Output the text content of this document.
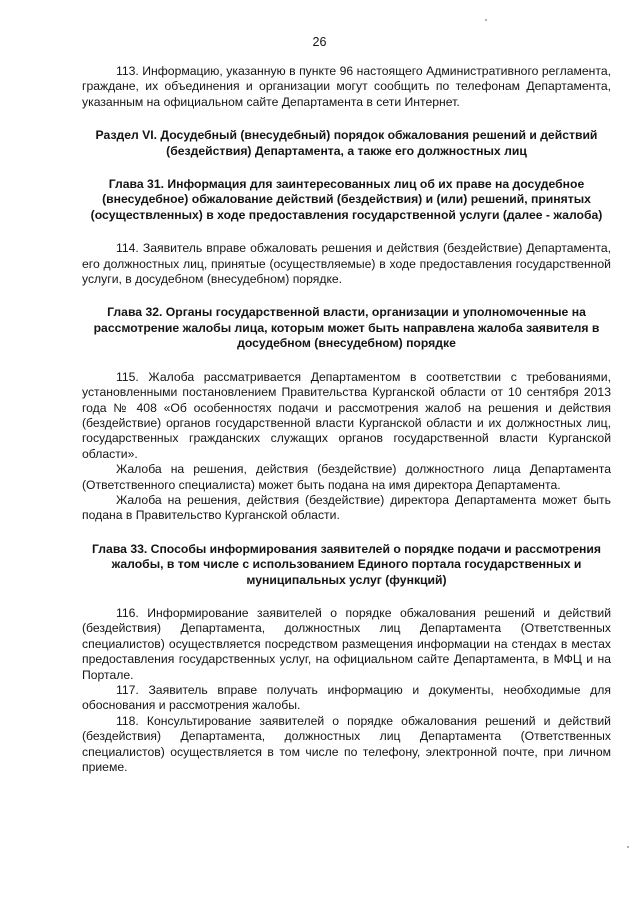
26

113. Информацию, указанную в пункте 96 настоящего Административного регламента, граждане, их объединения и организации могут сообщить по телефонам Департамента, указанным на официальном сайте Департамента в сети Интернет.

Раздел VI. Досудебный (внесудебный) порядок обжалования решений и действий (бездействия) Департамента, а также его должностных лиц

Глава 31. Информация для заинтересованных лиц об их праве на досудебное (внесудебное) обжалование действий (бездействия) и (или) решений, принятых (осуществленных) в ходе предоставления государственной услуги (далее - жалоба)

114. Заявитель вправе обжаловать решения и действия (бездействие) Департамента, его должностных лиц, принятые (осуществляемые) в ходе предоставления государственной услуги, в досудебном (внесудебном) порядке.

Глава 32. Органы государственной власти, организации и уполномоченные на рассмотрение жалобы лица, которым может быть направлена жалоба заявителя в досудебном (внесудебном) порядке

115. Жалоба рассматривается Департаментом в соответствии с требованиями, установленными постановлением Правительства Курганской области от 10 сентября 2013 года № 408 «Об особенностях подачи и рассмотрения жалоб на решения и действия (бездействие) органов государственной власти Курганской области и их должностных лиц, государственных гражданских служащих органов государственной власти Курганской области».

Жалоба на решения, действия (бездействие) должностного лица Департамента (Ответственного специалиста) может быть подана на имя директора Департамента.

Жалоба на решения, действия (бездействие) директора Департамента может быть подана в Правительство Курганской области.

Глава 33. Способы информирования заявителей о порядке подачи и рассмотрения жалобы, в том числе с использованием Единого портала государственных и муниципальных услуг (функций)

116. Информирование заявителей о порядке обжалования решений и действий (бездействия) Департамента, должностных лиц Департамента (Ответственных специалистов) осуществляется посредством размещения информации на стендах в местах предоставления государственных услуг, на официальном сайте Департамента, в МФЦ и на Портале.

117. Заявитель вправе получать информацию и документы, необходимые для обоснования и рассмотрения жалобы.

118. Консультирование заявителей о порядке обжалования решений и действий (бездействия) Департамента, должностных лиц Департамента (Ответственных специалистов) осуществляется в том числе по телефону, электронной почте, при личном приеме.
